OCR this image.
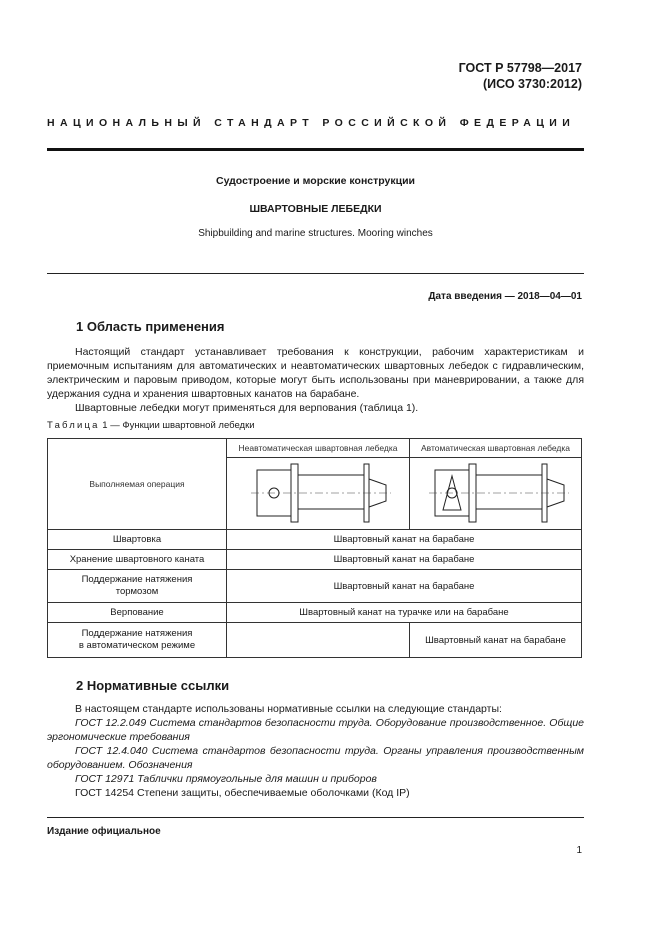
ГОСТ Р 57798—2017
(ИСО 3730:2012)
НАЦИОНАЛЬНЫЙ СТАНДАРТ РОССИЙСКОЙ ФЕДЕРАЦИИ
Судостроение и морские конструкции
ШВАРТОВНЫЕ ЛЕБЕДКИ
Shipbuilding and marine structures. Mooring winches
Дата введения — 2018—04—01
1 Область применения

Настоящий стандарт устанавливает требования к конструкции, рабочим характеристикам и приемочным испытаниям для автоматических и неавтоматических швартовных лебедок с гидравлическим, электрическим и паровым приводом, которые могут быть использованы при маневрировании, а также для удержания судна и хранения швартовных канатов на барабане.

Швартовные лебедки могут применяться для верпования (таблица 1).

Таблица 1 — Функции швартовной лебедки
Выполняемая операция	Неавтоматическая швартовная лебедка	Автоматическая швартовная лебедка

Швартовка	Швартовный канат на барабане	
Хранение швартовного каната	Швартовный канат на барабане	
Поддержание натяжения тормозом	Швартовный канат на барабане	
Верпование	Швартовный канат на турачке или на барабане	

Поддержание натяжения
в автоматическом режиме		Швартовный канат на барабане
2 Нормативные ссылки

В настоящем стандарте использованы нормативные ссылки на следующие стандарты:

ГОСТ 12.2.049 Система стандартов безопасности труда. Оборудование производственное. Общие эргономические требования

ГОСТ 12.4.040 Система стандартов безопасности труда. Органы управления производственным оборудованием. Обозначения

ГОСТ 12971 Таблички прямоугольные для машин и приборов

ГОСТ 14254 Степени защиты, обеспечиваемые оболочками (Код IP)

Издание официальное
1
